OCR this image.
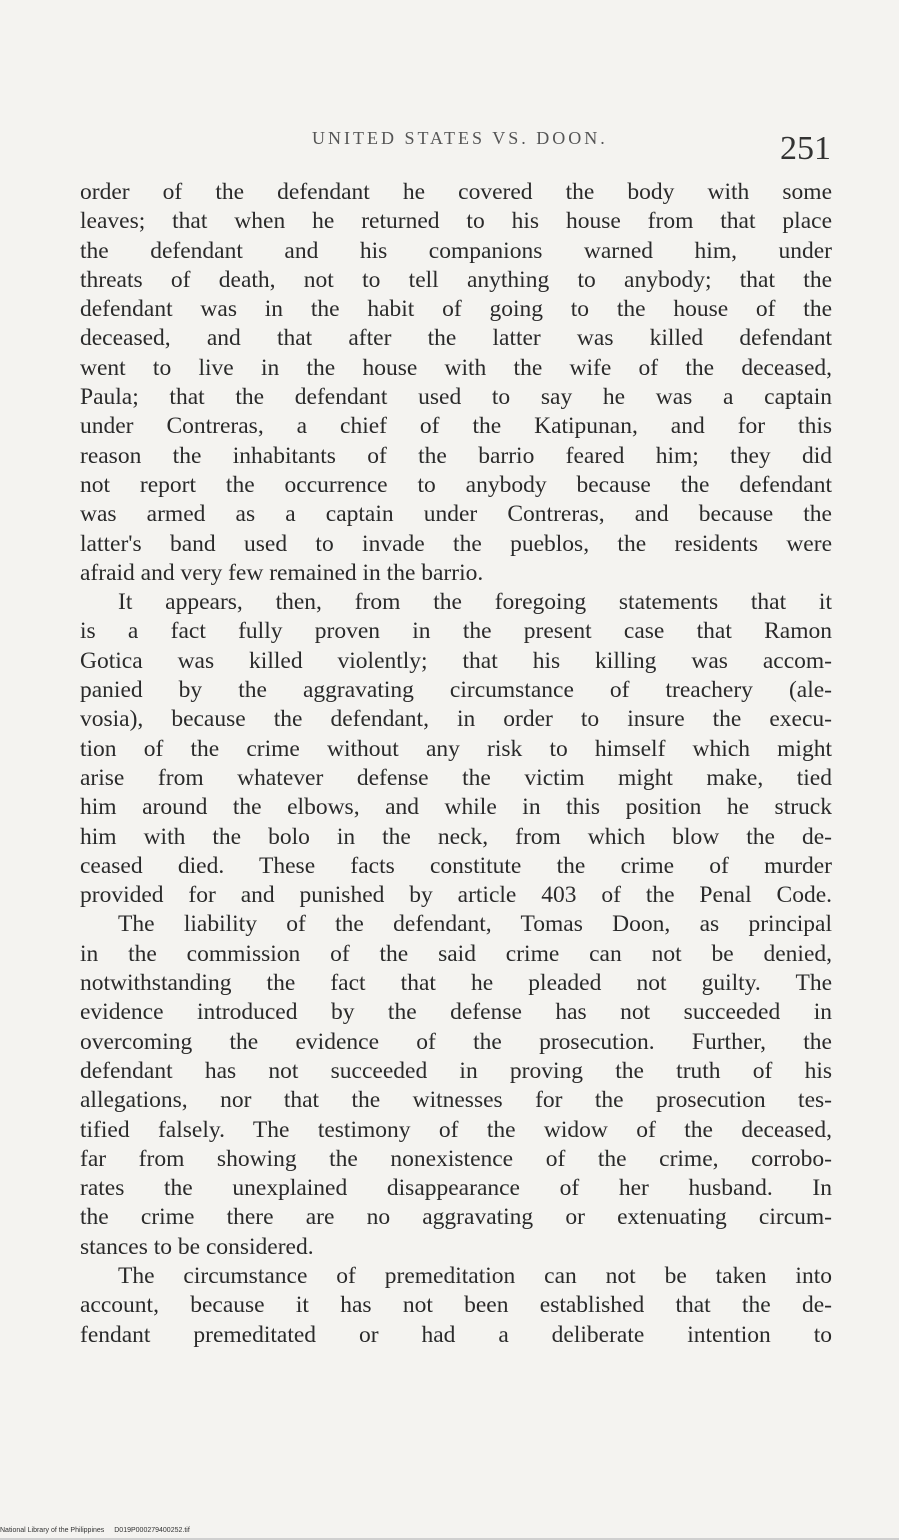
UNITED STATES VS. DOON.	251
order of the defendant he covered the body with some
leaves; that when he returned to his house from that place
the defendant and his companions warned him, under
threats of death, not to tell anything to anybody; that the
defendant was in the habit of going to the house of the
deceased, and that after the latter was killed defendant
went to live in the house with the wife of the deceased,
Paula; that the defendant used to say he was a captain
under Contreras, a chief of the Katipunan, and for this
reason the inhabitants of the barrio feared him; they did
not report the occurrence to anybody because the defendant
was armed as a captain under Contreras, and because the
latter's band used to invade the pueblos, the residents were
afraid and very few remained in the barrio.
It appears, then, from the foregoing statements that it
is a fact fully proven in the present case that Ramon
Gotica was killed violently; that his killing was accom-
panied by the aggravating circumstance of treachery (ale-
vosia), because the defendant, in order to insure the execu-
tion of the crime without any risk to himself which might
arise from whatever defense the victim might make, tied
him around the elbows, and while in this position he struck
him with the bolo in the neck, from which blow the de-
ceased died. These facts constitute the crime of murder
provided for and punished by article 403 of the Penal Code.
The liability of the defendant, Tomas Doon, as principal
in the commission of the said crime can not be denied,
notwithstanding the fact that he pleaded not guilty. The
evidence introduced by the defense has not succeeded in
overcoming the evidence of the prosecution. Further, the
defendant has not succeeded in proving the truth of his
allegations, nor that the witnesses for the prosecution tes-
tified falsely. The testimony of the widow of the deceased,
far from showing the nonexistence of the crime, corrobo-
rates the unexplained disappearance of her husband. In
the crime there are no aggravating or extenuating circum-
stances to be considered.
The circumstance of premeditation can not be taken into
account, because it has not been established that the de-
fendant premeditated or had a deliberate intention to
National Library of the Philippines D019P000279400252.tif
